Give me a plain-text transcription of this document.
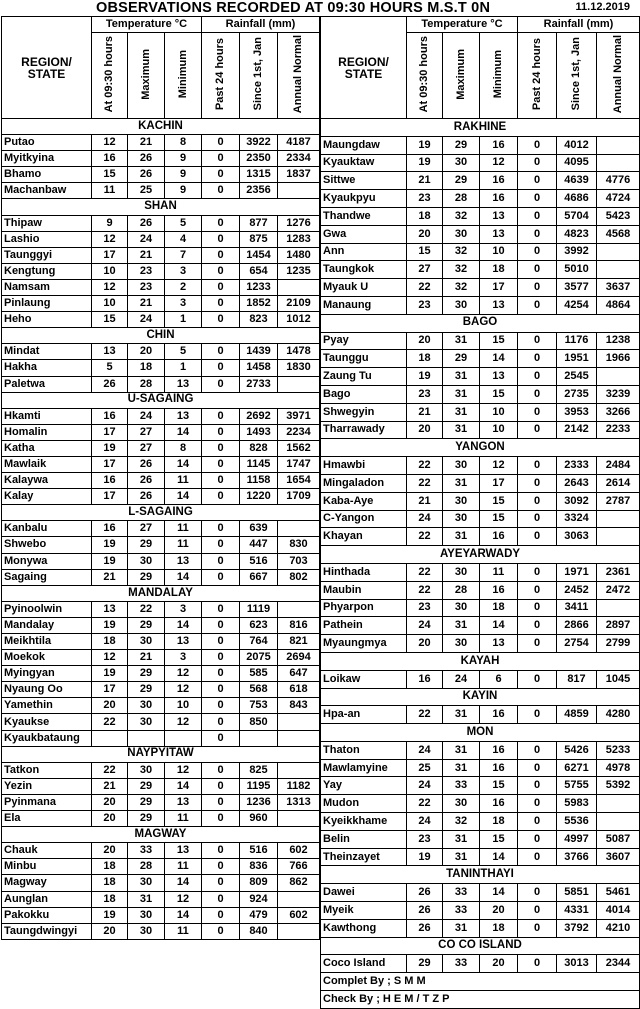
OBSERVATIONS RECORDED AT 09:30 HOURS M.S.T 0N	11.12.2019
REGION/
STATE	Temperature °C			Rainfall (mm)		
	At 09:30 hours	Maximum	Minimum	Past 24 hours	Since 1st, Jan	Annual Normal
KACHIN						
Putao	12	21	8	0	3922	4187
Myitkyina	16	26	9	0	2350	2334
Bhamo	15	26	9	0	1315	1837
Machanbaw	11	25	9	0	2356	
SHAN						
Thipaw	9	26	5	0	877	1276
Lashio	12	24	4	0	875	1283
Taunggyi	17	21	7	0	1454	1480
Kengtung	10	23	3	0	654	1235
Namsam	12	23	2	0	1233	
Pinlaung	10	21	3	0	1852	2109
Heho	15	24	1	0	823	1012
CHIN						
Mindat	13	20	5	0	1439	1478
Hakha	5	18	1	0	1458	1830
Paletwa	26	28	13	0	2733	
U-SAGAING						
Hkamti	16	24	13	0	2692	3971
Homalin	17	27	14	0	1493	2234
Katha	19	27	8	0	828	1562
Mawlaik	17	26	14	0	1145	1747
Kalaywa	16	26	11	0	1158	1654
Kalay	17	26	14	0	1220	1709
L-SAGAING						
Kanbalu	16	27	11	0	639	
Shwebo	19	29	11	0	447	830
Monywa	19	30	13	0	516	703
Sagaing	21	29	14	0	667	802
MANDALAY						
Pyinoolwin	13	22	3	0	1119	
Mandalay	19	29	14	0	623	816
Meikhtila	18	30	13	0	764	821
Moekok	12	21	3	0	2075	2694
Myingyan	19	29	12	0	585	647
Nyaung Oo	17	29	12	0	568	618
Yamethin	20	30	10	0	753	843
Kyaukse	22	30	12	0	850	
Kyaukbataung				0		
NAYPYITAW						
Tatkon	22	30	12	0	825	
Yezin	21	29	14	0	1195	1182
Pyinmana	20	29	13	0	1236	1313
Ela	20	29	11	0	960	
MAGWAY						
Chauk	20	33	13	0	516	602
Minbu	18	28	11	0	836	766
Magway	18	30	14	0	809	862
Aunglan	18	31	12	0	924	
Pakokku	19	30	14	0	479	602
Taungdwingyi	20	30	11	0	840	
REGION/
STATE	Temperature °C			Rainfall (mm)		
	At 09:30 hours	Maximum	Minimum	Past 24 hours	Since 1st, Jan	Annual Normal
RAKHINE						
Maungdaw	19	29	16	0	4012	
Kyauktaw	19	30	12	0	4095	
Sittwe	21	29	16	0	4639	4776
Kyaukpyu	23	28	16	0	4686	4724
Thandwe	18	32	13	0	5704	5423
Gwa	20	30	13	0	4823	4568
Ann	15	32	10	0	3992	
Taungkok	27	32	18	0	5010	
Myauk U	22	32	17	0	3577	3637
Manaung	23	30	13	0	4254	4864
BAGO						
Pyay	20	31	15	0	1176	1238
Taunggu	18	29	14	0	1951	1966
Zaung Tu	19	31	13	0	2545	
Bago	23	31	15	0	2735	3239
Shwegyin	21	31	10	0	3953	3266
Tharrawady	20	31	10	0	2142	2233
YANGON						
Hmawbi	22	30	12	0	2333	2484
Mingaladon	22	31	17	0	2643	2614
Kaba-Aye	21	30	15	0	3092	2787
C-Yangon	24	30	15	0	3324	
Khayan	22	31	16	0	3063	
AYEYARWADY						
Hinthada	22	30	11	0	1971	2361
Maubin	22	28	16	0	2452	2472
Phyarpon	23	30	18	0	3411	
Pathein	24	31	14	0	2866	2897
Myaungmya	20	30	13	0	2754	2799
KAYAH						
Loikaw	16	24	6	0	817	1045
KAYIN						
Hpa-an	22	31	16	0	4859	4280
MON						
Thaton	24	31	16	0	5426	5233
Mawlamyine	25	31	16	0	6271	4978
Yay	24	33	15	0	5755	5392
Mudon	22	30	16	0	5983	
Kyeikkhame	24	32	18	0	5536	
Belin	23	31	15	0	4997	5087
Theinzayet	19	31	14	0	3766	3607
TANINTHAYI						
Dawei	26	33	14	0	5851	5461
Myeik	26	33	20	0	4331	4014
Kawthong	26	31	18	0	3792	4210
CO CO ISLAND						
Coco Island	29	33	20	0	3013	2344
Complet By ; S M M						
Check By ; H E M / T Z P						
